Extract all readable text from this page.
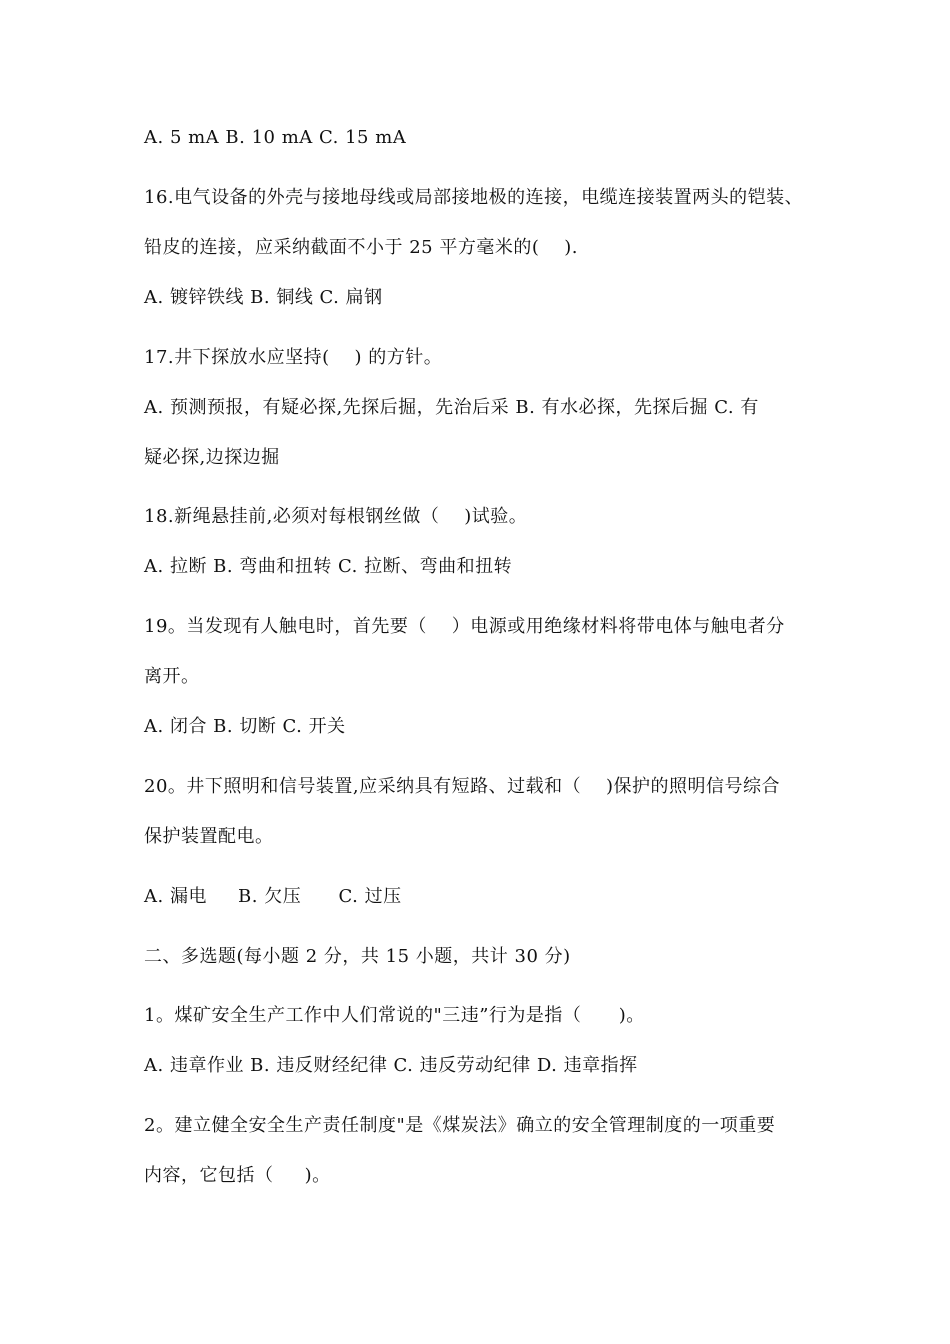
A. 5 mA B. 10 mA C. 15 mA
16.电气设备的外壳与接地母线或局部接地极的连接，电缆连接装置两头的铠装、
铅皮的连接，应采纳截面不小于 25 平方毫米的(    ).
A. 镀锌铁线 B. 铜线 C. 扁钢
17.井下探放水应坚持(    ) 的方针。
A. 预测预报，有疑必探,先探后掘，先治后采 B. 有水必探，先探后掘 C. 有
疑必探,边探边掘
18.新绳悬挂前,必须对每根钢丝做（    )试验。
A. 拉断 B. 弯曲和扭转 C. 拉断、弯曲和扭转
19。当发现有人触电时，首先要（    ）电源或用绝缘材料将带电体与触电者分
离开。
A. 闭合 B. 切断 C. 开关
20。井下照明和信号装置,应采纳具有短路、过载和（    )保护的照明信号综合
保护装置配电。
A. 漏电     B. 欠压      C. 过压
二、多选题(每小题 2 分，共 15 小题，共计 30 分)
1。煤矿安全生产工作中人们常说的"三违”行为是指（      )。
A. 违章作业 B. 违反财经纪律 C. 违反劳动纪律 D. 违章指挥
2。建立健全安全生产责任制度"是《煤炭法》确立的安全管理制度的一项重要
内容，它包括（     )。
